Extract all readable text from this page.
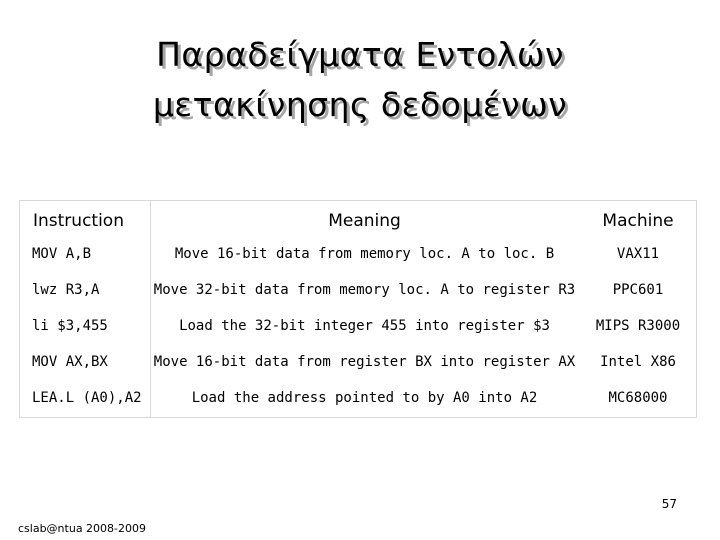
Παραδείγματα Εντολών
μετακίνησης δεδομένων
Instruction	Meaning	Machine
MOV A,B	Move 16-bit data from memory loc. A to loc. B	VAX11
lwz R3,A	Move 32-bit data from memory loc. A to register R3	PPC601
li $3,455	Load the 32-bit integer 455 into register $3	MIPS R3000
MOV AX,BX	Move 16-bit data from register BX into register AX	Intel X86
LEA.L (A0),A2	Load the address pointed to by A0 into A2	MC68000
57
cslab@ntua 2008-2009
